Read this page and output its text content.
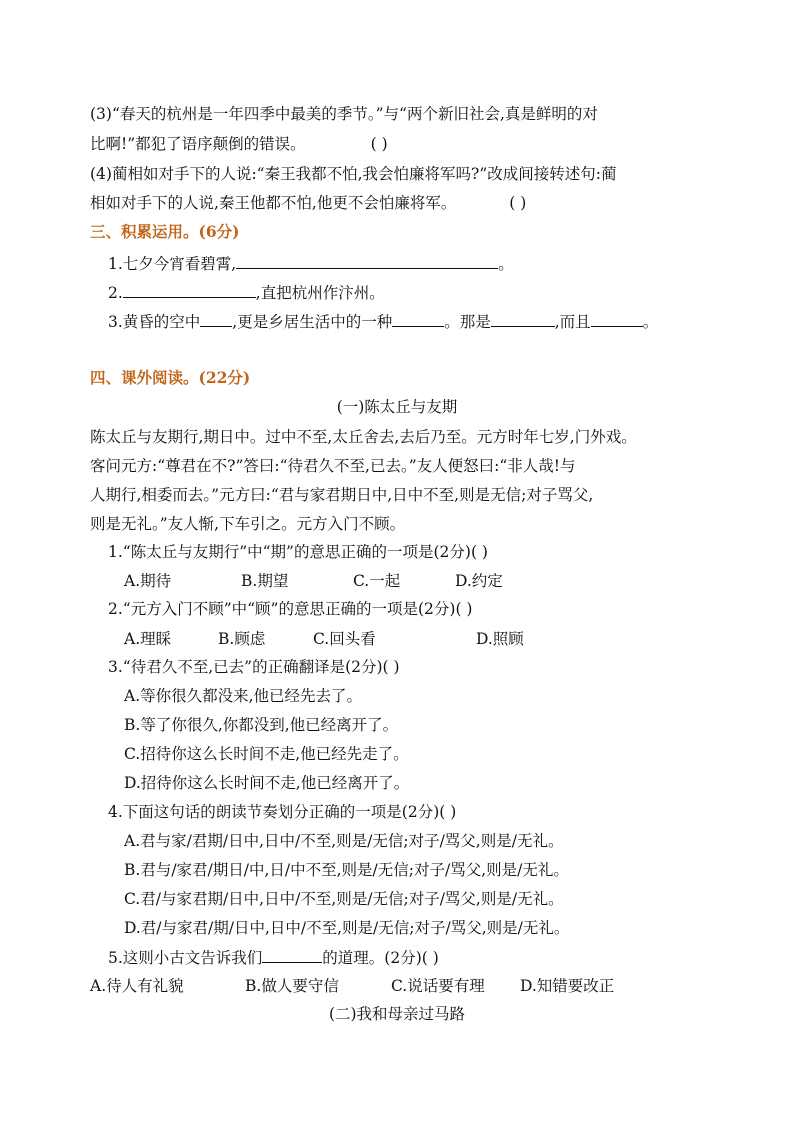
(3)“春天的杭州是一年四季中最美的季节。”与“两个新旧社会,真是鲜明的对
比啊!”都犯了语序颠倒的错误。	( )
(4)蔺相如对手下的人说:“秦王我都不怕,我会怕廉将军吗?”改成间接转述句:蔺
相如对手下的人说,秦王他都不怕,他更不会怕廉将军。	( )
三、积累运用。(6分)
1.七夕今宵看碧霄,	。
2.	,直把杭州作汴州。
3.黄昏的空中 ,更是乡居生活中的一种	。那是	,而且	。
四、课外阅读。(22分)
(一)陈太丘与友期
陈太丘与友期行,期日中。过中不至,太丘舍去,去后乃至。元方时年七岁,门外戏。
客问元方:“尊君在不?”答曰:“待君久不至,已去。”友人便怒曰:“非人哉!与
人期行,相委而去。”元方曰:“君与家君期日中,日中不至,则是无信;对子骂父,
则是无礼。”友人惭,下车引之。元方入门不顾。
1.“陈太丘与友期行”中“期”的意思正确的一项是(2分)( )
A.期待	B.期望	C.一起	D.约定
2.“元方入门不顾”中“顾”的意思正确的一项是(2分)( )
A.理睬	B.顾虑	C.回头看	D.照顾
3.“待君久不至,已去”的正确翻译是(2分)( )
A.等你很久都没来,他已经先去了。
B.等了你很久,你都没到,他已经离开了。
C.招待你这么长时间不走,他已经先走了。
D.招待你这么长时间不走,他已经离开了。
4.下面这句话的朗读节奏划分正确的一项是(2分)( )
A.君与家/君期/日中,日中/不至,则是/无信;对子/骂父,则是/无礼。
B.君与/家君/期日/中,日/中不至,则是/无信;对子/骂父,则是/无礼。
C.君/与家君期/日中,日中/不至,则是/无信;对子/骂父,则是/无礼。
D.君/与家君/期/日中,日中/不至,则是/无信;对子/骂父,则是/无礼。
5.这则小古文告诉我们	的道理。(2分)( )
A.待人有礼貌	B.做人要守信	C.说话要有理 D.知错要改正
(二)我和母亲过马路
